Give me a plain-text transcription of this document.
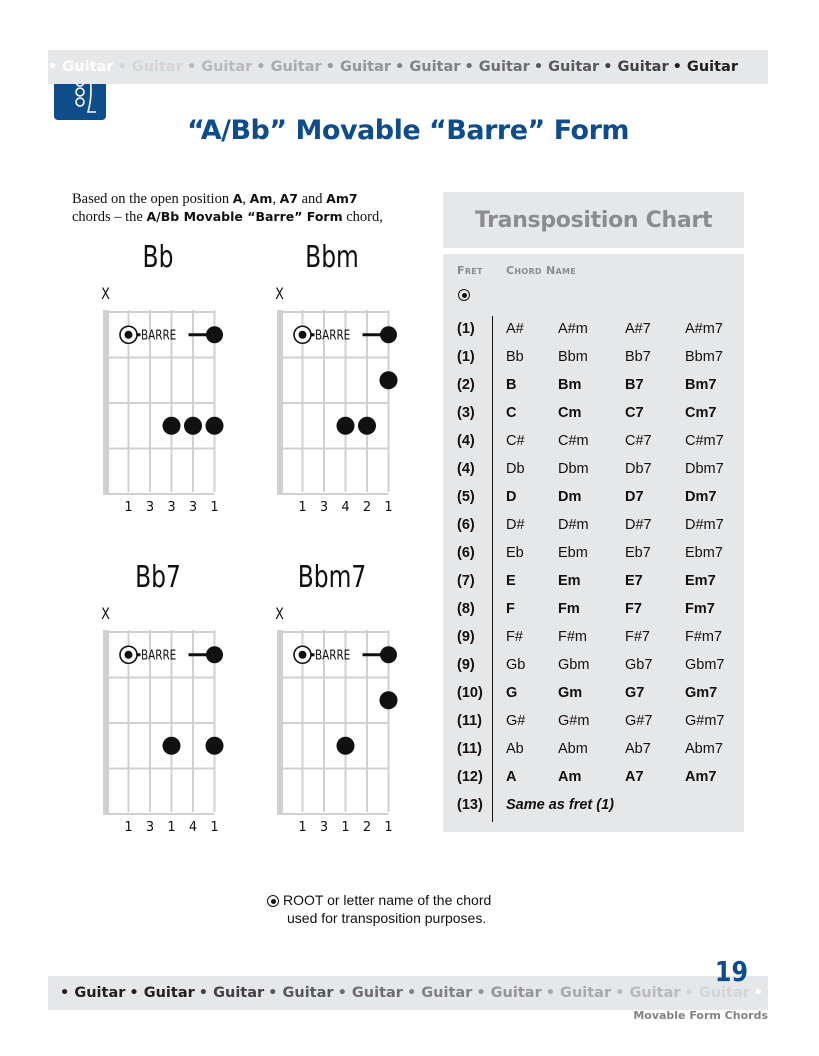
• Guitar • Guitar • Guitar • Guitar • Guitar • Guitar • Guitar • Guitar • Guitar • Guitar
“A/Bb” Movable “Barre” Form
Based on the open position A, Am, A7 and Am7
chords – the A/Bb Movable “Barre” Form chord,
Bb
X
BARRE
1 3 3 3 1
Bbm
X
BARRE
1 3 4 2 1
Bb7
X
BARRE
1 3 1 4 1
Bbm7
X
BARRE
1 3 1 2 1
Transposition Chart
Fret Chord Name
(1) A# A#m	A#7 A#m7
(1) Bb Bbm	Bb7 Bbm7
(2) B	Bm	B7	Bm7
(3) C	Cm	C7	Cm7
(4) C# C#m	C#7 C#m7
(4) Db Dbm	Db7 Dbm7
(5) D	Dm	D7	Dm7
(6) D# D#m	D#7 D#m7
(6) Eb Ebm	Eb7 Ebm7
(7) E	Em	E7	Em7
(8) F	Fm	F7	Fm7
(9) F# F#m	F#7 F#m7
(9) Gb Gbm Gb7 Gbm7
(10) G	Gm	G7	Gm7
(11) G# G#m G#7 G#m7
(11) Ab Abm	Ab7 Abm7
(12) A	Am	A7	Am7
(13) Same as fret (1)
ROOT or letter name of the chord
used for transposition purposes.
• Guitar • Guitar • Guitar • Guitar • Guitar • Guitar • Guitar • Guitar • Guitar • Guitar • Guitar
19
Movable Form Chords
